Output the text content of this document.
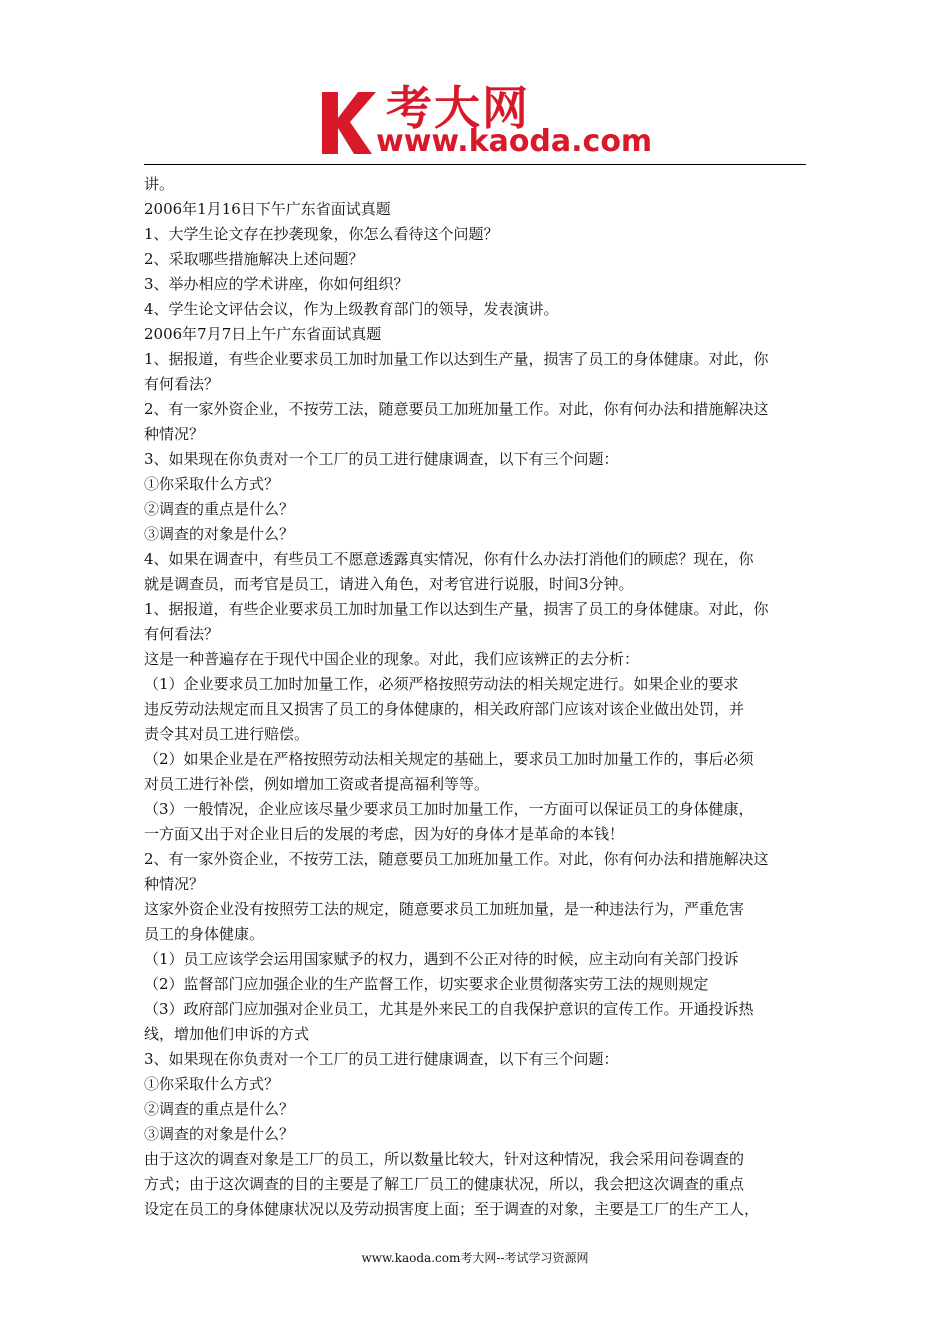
考大网
www.kaoda.com
讲。
2006年1月16日下午广东省面试真题
1、大学生论文存在抄袭现象，你怎么看待这个问题？
2、采取哪些措施解决上述问题？
3、举办相应的学术讲座，你如何组织？
4、学生论文评估会议，作为上级教育部门的领导，发表演讲。
2006年7月7日上午广东省面试真题
1、据报道，有些企业要求员工加时加量工作以达到生产量，损害了员工的身体健康。对此，你
有何看法？
2、有一家外资企业，不按劳工法，随意要员工加班加量工作。对此，你有何办法和措施解决这
种情况？
3、如果现在你负责对一个工厂的员工进行健康调查，以下有三个问题：
①你采取什么方式？
②调查的重点是什么？
③调查的对象是什么？
4、如果在调查中，有些员工不愿意透露真实情况，你有什么办法打消他们的顾虑？现在，你
就是调查员，而考官是员工，请进入角色，对考官进行说服，时间3分钟。
1、据报道，有些企业要求员工加时加量工作以达到生产量，损害了员工的身体健康。对此，你
有何看法？
这是一种普遍存在于现代中国企业的现象。对此，我们应该辨正的去分析：
（1）企业要求员工加时加量工作，必须严格按照劳动法的相关规定进行。如果企业的要求
违反劳动法规定而且又损害了员工的身体健康的，相关政府部门应该对该企业做出处罚，并
责令其对员工进行赔偿。
（2）如果企业是在严格按照劳动法相关规定的基础上，要求员工加时加量工作的，事后必须
对员工进行补偿，例如增加工资或者提高福利等等。
（3）一般情况，企业应该尽量少要求员工加时加量工作，一方面可以保证员工的身体健康，
一方面又出于对企业日后的发展的考虑，因为好的身体才是革命的本钱！
2、有一家外资企业，不按劳工法，随意要员工加班加量工作。对此，你有何办法和措施解决这
种情况？
这家外资企业没有按照劳工法的规定，随意要求员工加班加量，是一种违法行为，严重危害
员工的身体健康。
（1）员工应该学会运用国家赋予的权力，遇到不公正对待的时候，应主动向有关部门投诉
（2）监督部门应加强企业的生产监督工作，切实要求企业贯彻落实劳工法的规则规定
（3）政府部门应加强对企业员工，尤其是外来民工的自我保护意识的宣传工作。开通投诉热
线，增加他们申诉的方式
3、如果现在你负责对一个工厂的员工进行健康调查，以下有三个问题：
①你采取什么方式？
②调查的重点是什么？
③调查的对象是什么？
由于这次的调查对象是工厂的员工，所以数量比较大，针对这种情况，我会采用问卷调查的
方式；由于这次调查的目的主要是了解工厂员工的健康状况，所以，我会把这次调查的重点
设定在员工的身体健康状况以及劳动损害度上面；至于调查的对象，主要是工厂的生产工人，
www.kaoda.com考大网--考试学习资源网
